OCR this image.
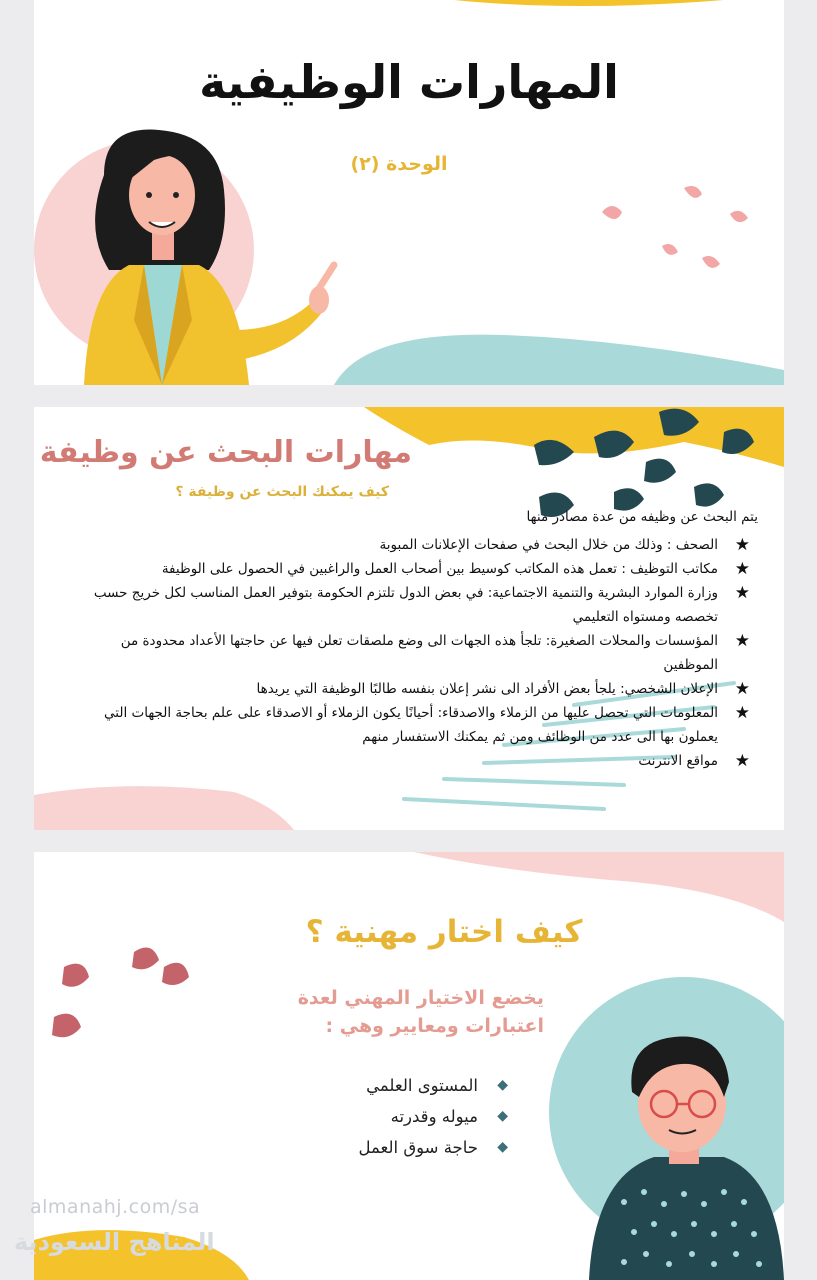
المهارات الوظيفية
الوحدة (٢)
مهارات البحث عن وظيفة
كيف يمكنك البحث عن وظيفة ؟
يتم البحث عن وظيفه من عدة مصادر منها
★
الصحف : وذلك من خلال البحث في صفحات الإعلانات المبوبة
★
مكاتب التوظيف : تعمل هذه المكاتب كوسيط بين أصحاب العمل والراغبين في الحصول على الوظيفة
★
وزارة الموارد البشرية والتنمية الاجتماعية: في بعض الدول تلتزم الحكومة بتوفير العمل المناسب لكل خريج حسب تخصصه ومستواه التعليمي
★
المؤسسات والمحلات الصغيرة: تلجأ هذه الجهات الى وضع ملصقات تعلن فيها عن حاجتها الأعداد محدودة من الموظفين
★
الإعلان الشخصي: يلجأ بعض الأفراد الى نشر إعلان بنفسه طالبًا الوظيفة التي يريدها
★
المعلومات التي تحصل عليها من الزملاء والاصدقاء: أحيانًا يكون الزملاء أو الاصدقاء على علم بحاجة الجهات التي يعملون بها الى عدد من الوظائف ومن ثم يمكنك الاستفسار منهم
★
مواقع الانترنت
كيف اختار مهنية ؟
يخضع الاختيار المهني لعدة اعتبارات ومعايير وهي :
◆
المستوى العلمي
◆
ميوله وقدرته
◆
حاجة سوق العمل
almanahj.com/sa
المناهج السعودية
